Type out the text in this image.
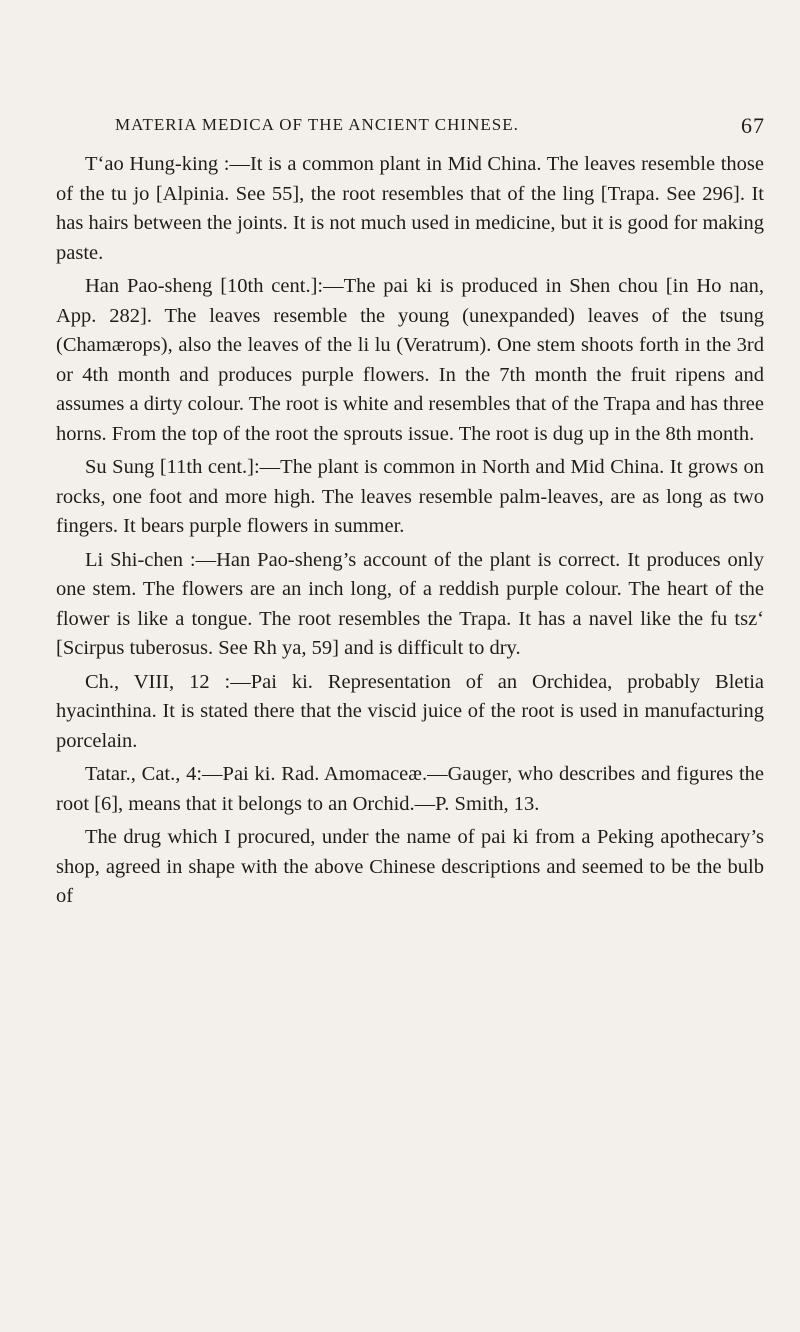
MATERIA MEDICA OF THE ANCIENT CHINESE.	67

T‘ao Hung-king :—It is a common plant in Mid China. The leaves resemble those of the tu jo [Alpinia. See 55], the root resembles that of the ling [Trapa. See 296]. It has hairs between the joints. It is not much used in medicine, but it is good for making paste.

Han Pao-sheng [10th cent.]:—The pai ki is produced in Shen chou [in Ho nan, App. 282]. The leaves resemble the young (unexpanded) leaves of the tsung (Chamærops), also the leaves of the li lu (Veratrum). One stem shoots forth in the 3rd or 4th month and produces purple flowers. In the 7th month the fruit ripens and assumes a dirty colour. The root is white and resembles that of the Trapa and has three horns. From the top of the root the sprouts issue. The root is dug up in the 8th month.

Su Sung [11th cent.]:—The plant is common in North and Mid China. It grows on rocks, one foot and more high. The leaves resemble palm-leaves, are as long as two fingers. It bears purple flowers in summer.

Li Shi-chen :—Han Pao-sheng’s account of the plant is correct. It produces only one stem. The flowers are an inch long, of a reddish purple colour. The heart of the flower is like a tongue. The root resembles the Trapa. It has a navel like the fu tsz‘ [Scirpus tuberosus. See Rh ya, 59] and is difficult to dry.

Ch., VIII, 12 :—Pai ki. Representation of an Orchidea, probably Bletia hyacinthina. It is stated there that the viscid juice of the root is used in manufacturing porcelain.

Tatar., Cat., 4:—Pai ki. Rad. Amomaceæ.—Gauger, who describes and figures the root [6], means that it belongs to an Orchid.—P. Smith, 13.

The drug which I procured, under the name of pai ki from a Peking apothecary’s shop, agreed in shape with the above Chinese descriptions and seemed to be the bulb of
